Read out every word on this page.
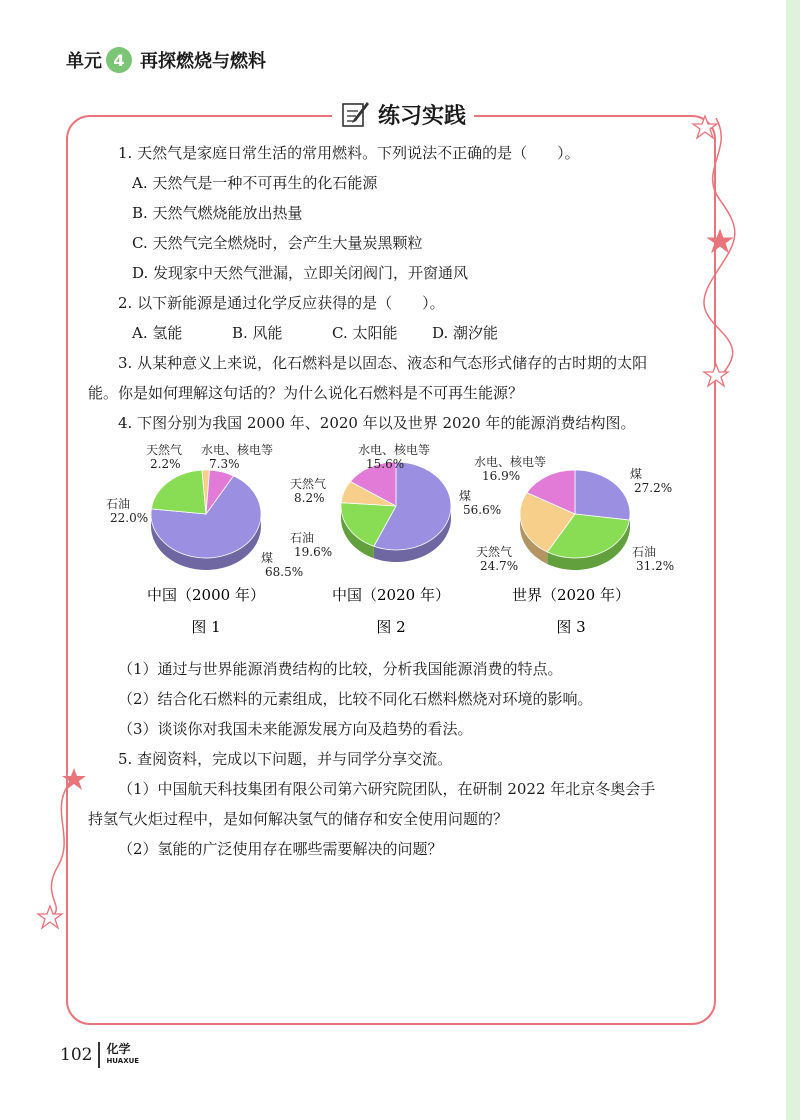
单元 4 再探燃烧与燃料
练习实践

1. 天然气是家庭日常生活的常用燃料。下列说法不正确的是（　　）。

A. 天然气是一种不可再生的化石能源

B. 天然气燃烧能放出热量

C. 天然气完全燃烧时，会产生大量炭黑颗粒

D. 发现家中天然气泄漏，立即关闭阀门，开窗通风

2. 以下新能源是通过化学反应获得的是（　　）。

A. 氢能	B. 风能	C. 太阳能	D. 潮汐能

3. 从某种意义上来说，化石燃料是以固态、液态和气态形式储存的古时期的太阳

能。你是如何理解这句话的？为什么说化石燃料是不可再生能源？

4. 下图分别为我国 2000 年、2020 年以及世界 2020 年的能源消费结构图。

（1）通过与世界能源消费结构的比较，分析我国能源消费的特点。

（2）结合化石燃料的元素组成，比较不同化石燃料燃烧对环境的影响。

（3）谈谈你对我国未来能源发展方向及趋势的看法。

5. 查阅资料，完成以下问题，并与同学分享交流。

（1）中国航天科技集团有限公司第六研究院团队，在研制 2022 年北京冬奥会手

持氢气火炬过程中，是如何解决氢气的储存和安全使用问题的？

（2）氢能的广泛使用存在哪些需要解决的问题？

煤
68.5%
石油
22.0%
天然气
2.2%
水电、核电等
7.3%
中国（2000 年）
图 1
煤
56.6%
石油
19.6%
天然气
8.2%
水电、核电等
15.6%
中国（2020 年）
图 2
煤
27.2%
石油
31.2%
天然气
24.7%
水电、核电等
16.9%
世界（2020 年）
图 3
102 化学
HUAXUE
